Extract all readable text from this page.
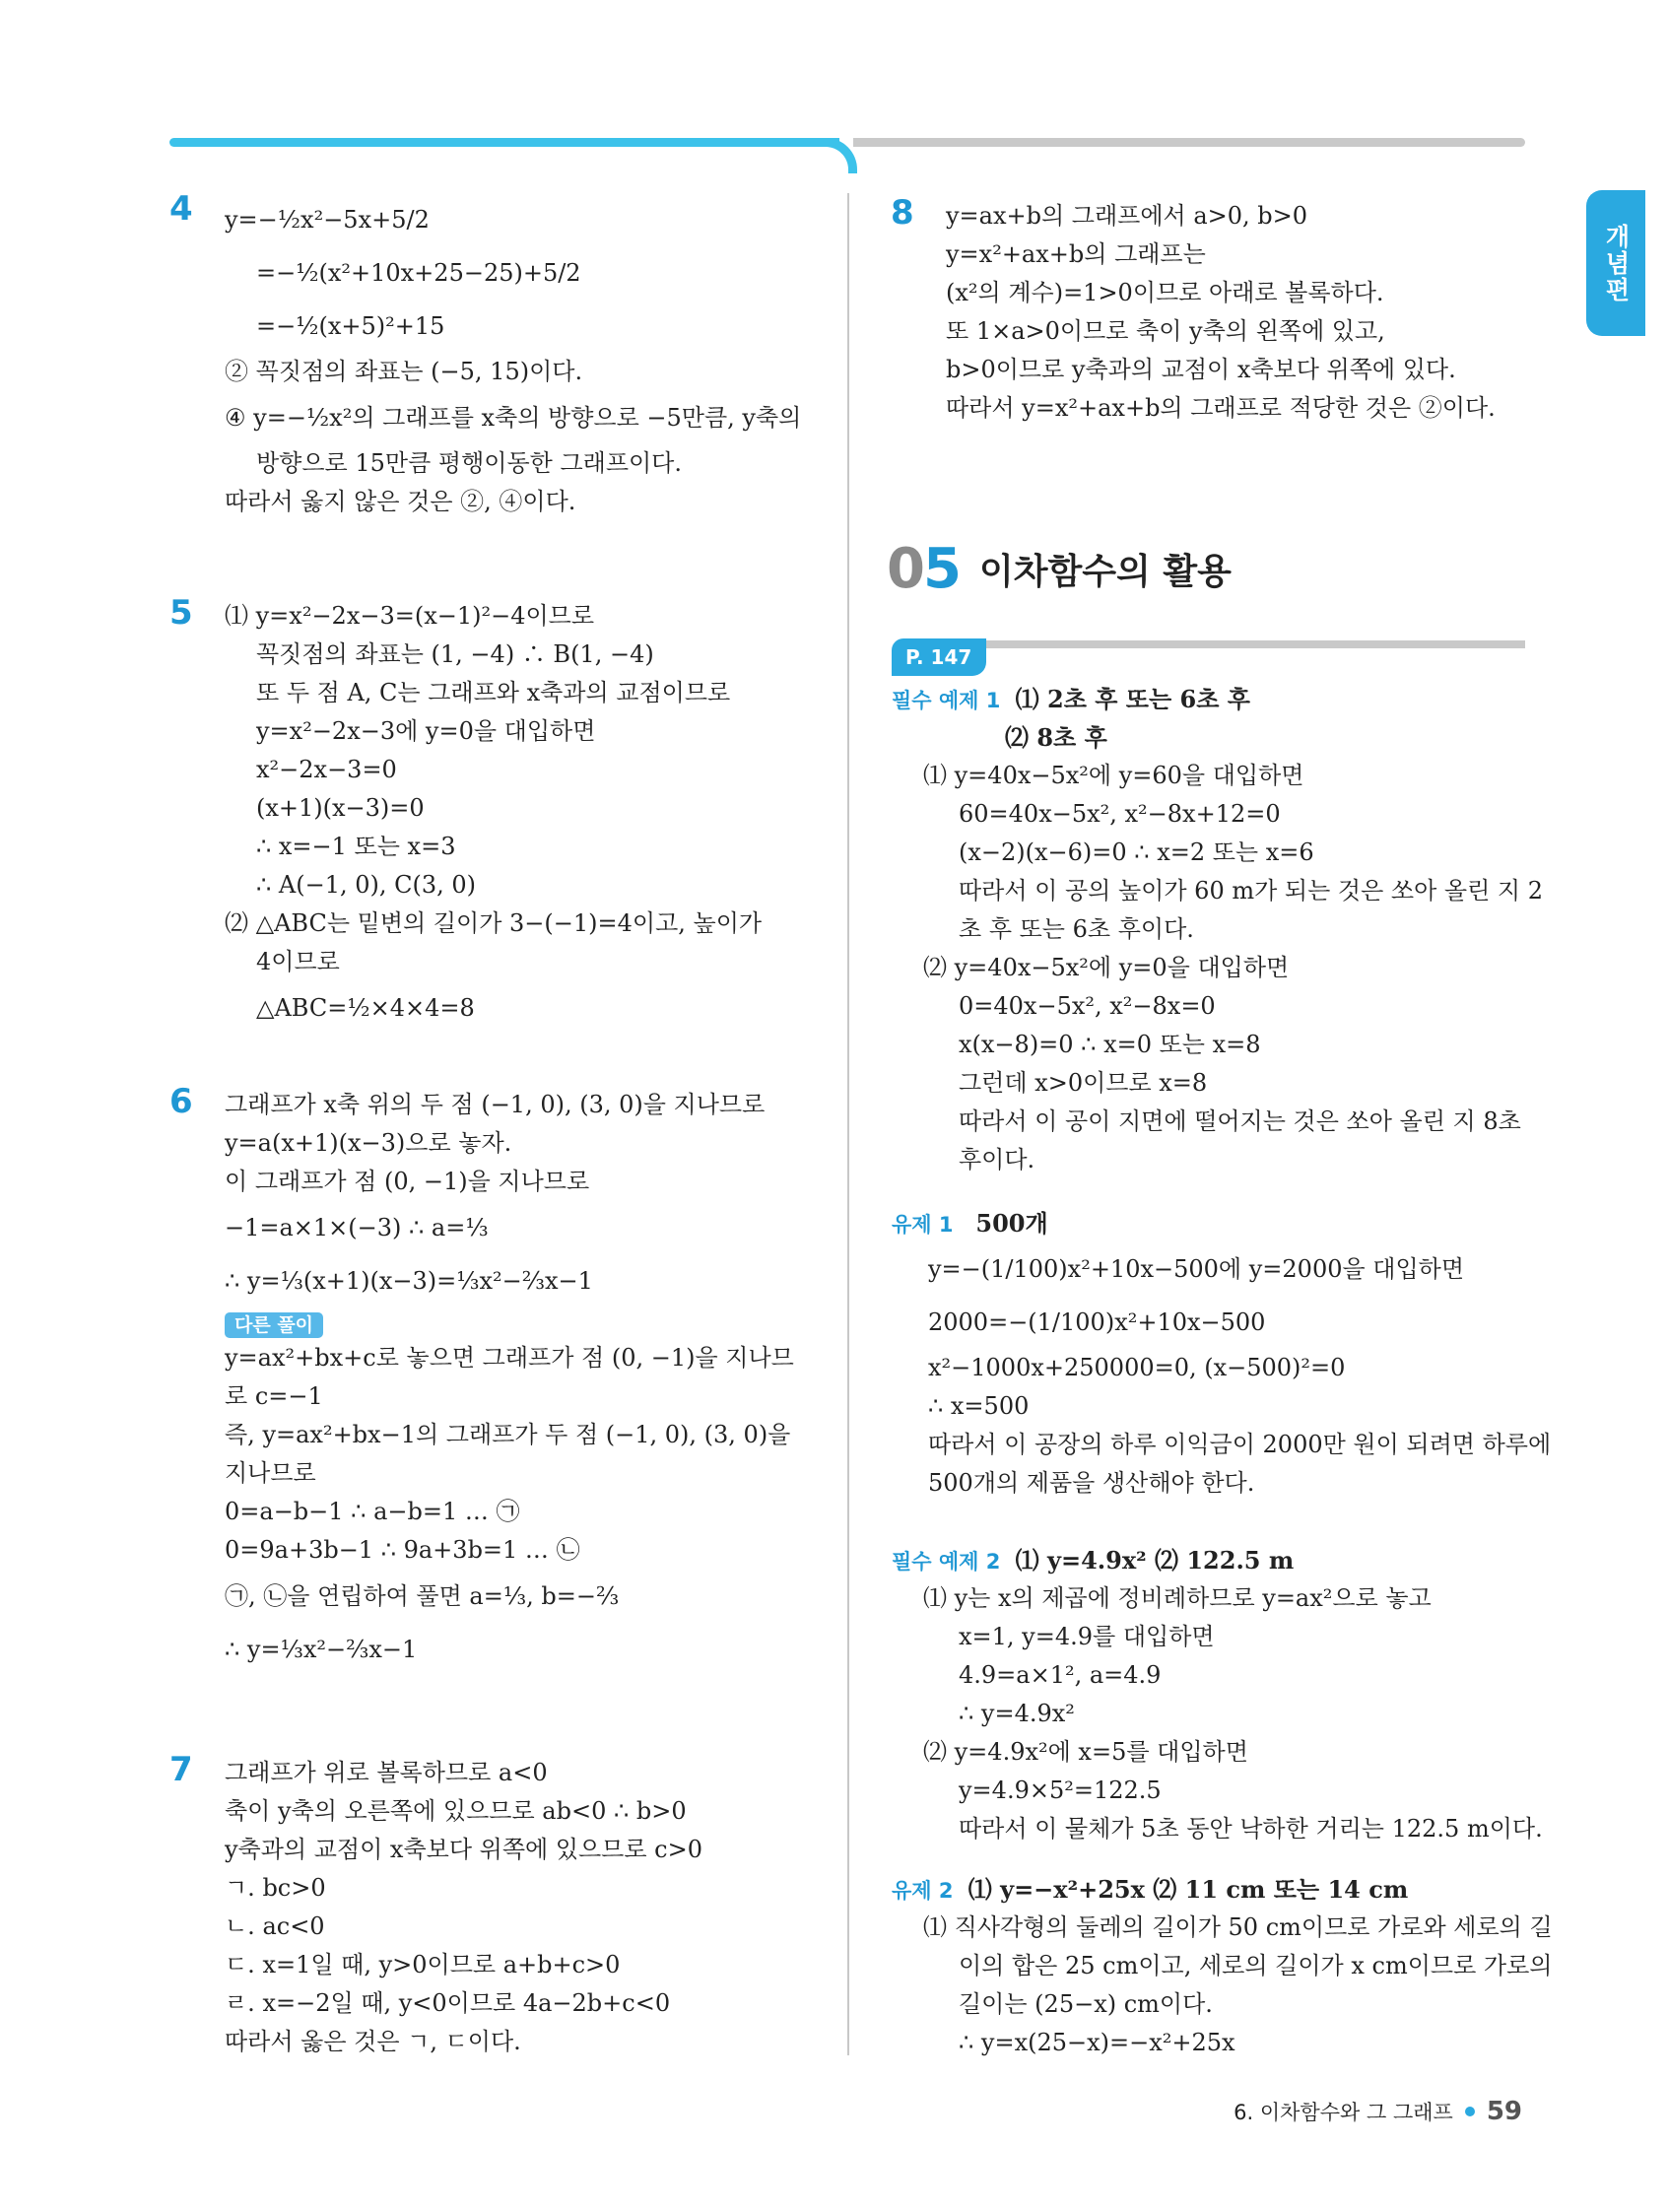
개념편
4 y=−½x²−5x+5/2
=−½(x²+10x+25−25)+5/2
=−½(x+5)²+15
② 꼭짓점의 좌표는 (−5, 15)이다.
④ y=−½x²의 그래프를 x축의 방향으로 −5만큼, y축의
방향으로 15만큼 평행이동한 그래프이다.
따라서 옳지 않은 것은 ②, ④이다.
5 ⑴ y=x²−2x−3=(x−1)²−4이므로
꼭짓점의 좌표는 (1, −4) ∴ B(1, −4)
또 두 점 A, C는 그래프와 x축과의 교점이므로
y=x²−2x−3에 y=0을 대입하면
x²−2x−3=0
(x+1)(x−3)=0
∴ x=−1 또는 x=3
∴ A(−1, 0), C(3, 0)
⑵ △ABC는 밑변의 길이가 3−(−1)=4이고, 높이가
4이므로
△ABC=½×4×4=8
6 그래프가 x축 위의 두 점 (−1, 0), (3, 0)을 지나므로
y=a(x+1)(x−3)으로 놓자.
이 그래프가 점 (0, −1)을 지나므로
−1=a×1×(−3) ∴ a=⅓
∴ y=⅓(x+1)(x−3)=⅓x²−⅔x−1
다른 풀이
y=ax²+bx+c로 놓으면 그래프가 점 (0, −1)을 지나므
로 c=−1
즉, y=ax²+bx−1의 그래프가 두 점 (−1, 0), (3, 0)을
지나므로
0=a−b−1 ∴ a−b=1 … ㉠
0=9a+3b−1 ∴ 9a+3b=1 … ㉡
㉠, ㉡을 연립하여 풀면 a=⅓, b=−⅔
∴ y=⅓x²−⅔x−1
7 그래프가 위로 볼록하므로 a<0
축이 y축의 오른쪽에 있으므로 ab<0 ∴ b>0
y축과의 교점이 x축보다 위쪽에 있으므로 c>0
ㄱ. bc>0
ㄴ. ac<0
ㄷ. x=1일 때, y>0이므로 a+b+c>0
ㄹ. x=−2일 때, y<0이므로 4a−2b+c<0
따라서 옳은 것은 ㄱ, ㄷ이다.
8 y=ax+b의 그래프에서 a>0, b>0
y=x²+ax+b의 그래프는
(x²의 계수)=1>0이므로 아래로 볼록하다.
또 1×a>0이므로 축이 y축의 왼쪽에 있고,
b>0이므로 y축과의 교점이 x축보다 위쪽에 있다.
따라서 y=x²+ax+b의 그래프로 적당한 것은 ②이다.
05 이차함수의 활용
P. 147
필수 예제 1 ⑴ 2초 후 또는 6초 후
⑵ 8초 후
⑴ y=40x−5x²에 y=60을 대입하면
60=40x−5x², x²−8x+12=0
(x−2)(x−6)=0 ∴ x=2 또는 x=6
따라서 이 공의 높이가 60 m가 되는 것은 쏘아 올린 지 2
초 후 또는 6초 후이다.
⑵ y=40x−5x²에 y=0을 대입하면
0=40x−5x², x²−8x=0
x(x−8)=0 ∴ x=0 또는 x=8
그런데 x>0이므로 x=8
따라서 이 공이 지면에 떨어지는 것은 쏘아 올린 지 8초
후이다.
유제 1 500개
y=−(1/100)x²+10x−500에 y=2000을 대입하면
2000=−(1/100)x²+10x−500
x²−1000x+250000=0, (x−500)²=0
∴ x=500
따라서 이 공장의 하루 이익금이 2000만 원이 되려면 하루에
500개의 제품을 생산해야 한다.
필수 예제 2 ⑴ y=4.9x² ⑵ 122.5 m
⑴ y는 x의 제곱에 정비례하므로 y=ax²으로 놓고
x=1, y=4.9를 대입하면
4.9=a×1², a=4.9
∴ y=4.9x²
⑵ y=4.9x²에 x=5를 대입하면
y=4.9×5²=122.5
따라서 이 물체가 5초 동안 낙하한 거리는 122.5 m이다.
유제 2 ⑴ y=−x²+25x ⑵ 11 cm 또는 14 cm
⑴ 직사각형의 둘레의 길이가 50 cm이므로 가로와 세로의 길
이의 합은 25 cm이고, 세로의 길이가 x cm이므로 가로의
길이는 (25−x) cm이다.
∴ y=x(25−x)=−x²+25x
6. 이차함수와 그 그래프 59
